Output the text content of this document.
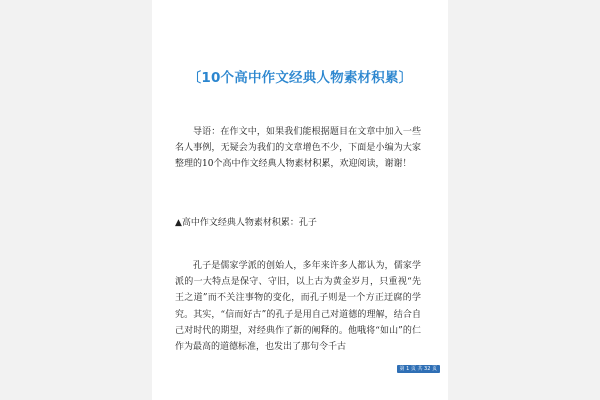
〔10个高中作文经典人物素材积累〕

导语：在作文中，如果我们能根据题目在文章中加入一些名人事例，无疑会为我们的文章增色不少，下面是小编为大家整理的10个高中作文经典人物素材积累，欢迎阅读，谢谢！

▲高中作文经典人物素材积累：孔子

孔子是儒家学派的创始人，多年来许多人都认为，儒家学派的一大特点是保守、守旧，以上古为黄金岁月，只重视“先王之道”而不关注事物的变化，而孔子则是一个方正迂腐的学究。其实，“信而好古”的孔子是用自己对道德的理解，结合自己对时代的期望，对经典作了新的阐释的。他哦将“如山”的仁作为最高的道德标准，也发出了那句令千古

第 1 页 共 32 页
